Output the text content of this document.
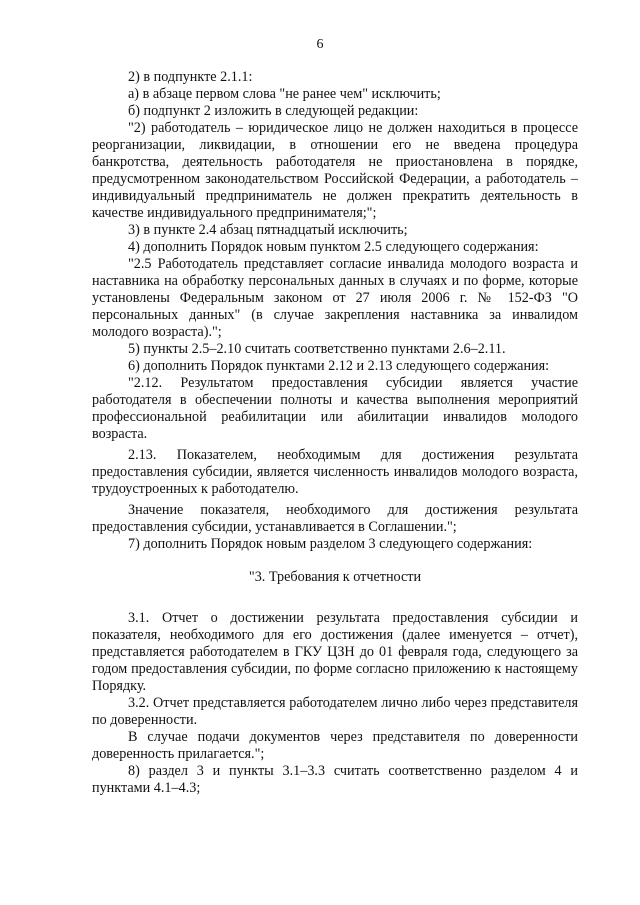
6

2) в подпункте 2.1.1:

а) в абзаце первом слова "не ранее чем" исключить;

б) подпункт 2 изложить в следующей редакции:

"2) работодатель – юридическое лицо не должен находиться в процессе реорганизации, ликвидации, в отношении его не введена процедура банкротства, деятельность работодателя не приостановлена в порядке, предусмотренном законодательством Российской Федерации, а работодатель – индивидуальный предприниматель не должен прекратить деятельность в качестве индивидуального предпринимателя;";

3) в пункте 2.4 абзац пятнадцатый исключить;

4) дополнить Порядок новым пунктом 2.5 следующего содержания:

"2.5 Работодатель представляет согласие инвалида молодого возраста и наставника на обработку персональных данных в случаях и по форме, которые установлены Федеральным законом от 27 июля 2006 г. № 152-ФЗ "О персональных данных" (в случае закрепления наставника за инвалидом молодого возраста).";

5) пункты 2.5–2.10 считать соответственно пунктами 2.6–2.11.

6) дополнить Порядок пунктами 2.12 и 2.13 следующего содержания:

"2.12. Результатом предоставления субсидии является участие работодателя в обеспечении полноты и качества выполнения мероприятий профессиональной реабилитации или абилитации инвалидов молодого возраста.

2.13. Показателем, необходимым для достижения результата предоставления субсидии, является численность инвалидов молодого возраста, трудоустроенных к работодателю.

Значение показателя, необходимого для достижения результата предоставления субсидии, устанавливается в Соглашении.";

7) дополнить Порядок новым разделом 3 следующего содержания:

"3. Требования к отчетности

3.1. Отчет о достижении результата предоставления субсидии и показателя, необходимого для его достижения (далее именуется – отчет), представляется работодателем в ГКУ ЦЗН до 01 февраля года, следующего за годом предоставления субсидии, по форме согласно приложению к настоящему Порядку.

3.2. Отчет представляется работодателем лично либо через представителя по доверенности.

В случае подачи документов через представителя по доверенности доверенность прилагается.";

8) раздел 3 и пункты 3.1–3.3 считать соответственно разделом 4 и пунктами 4.1–4.3;
